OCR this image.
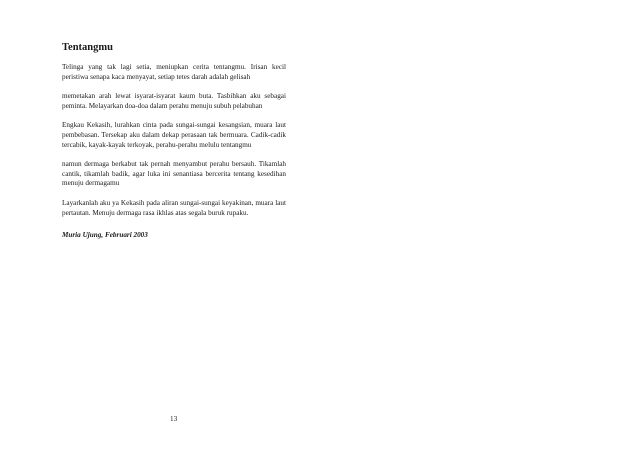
Tentangmu

Telinga yang tak lagi setia, meniupkan cerita tentangmu. Irisan kecil peristiwa senapa kaca menyayat, setiap tetes darah adalah gelisah

memetakan arah lewat isyarat-isyarat kaum buta. Tasbihkan aku sebagai peminta. Melayarkan doa-doa dalam perahu menuju subuh pelabuhan

Engkau Kekasih, lurahkan cinta pada sungai-sungai kesangsian, muara laut pembebasan. Tersekap aku dalam dekap perasaan tak bermuara. Cadik-cadik tercabik, kayak-kayak terkoyak, perahu-perahu melulu tentangmu

namun dermaga berkabut tak pernah menyambut perahu bersauh. Tikamlah cantik, tikamlah badik, agar luka ini senantiasa bercerita tentang kesedihan menuju dermagamu

Layarkanlah aku ya Kekasih pada aliran sungai-sungai keyakinan, muara laut pertautan. Menuju dermaga rasa ikhlas atas segala buruk rupaku.

Muria Ujung, Februari 2003
13
